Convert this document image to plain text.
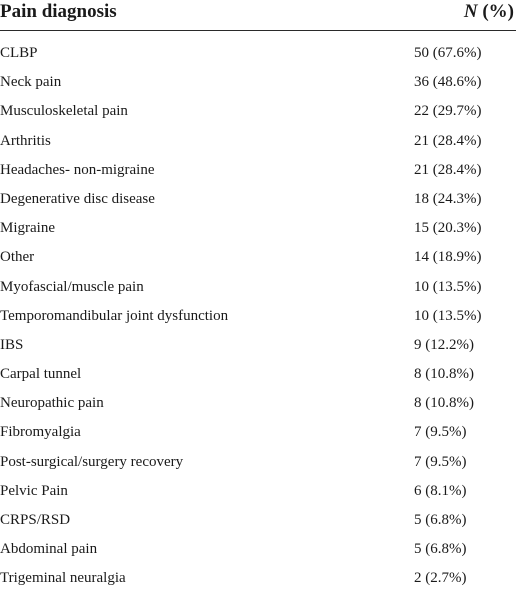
Pain diagnosis	N (%)
CLBP	50 (67.6%)
Neck pain	36 (48.6%)
Musculoskeletal pain	22 (29.7%)
Arthritis	21 (28.4%)
Headaches- non-migraine	21 (28.4%)
Degenerative disc disease	18 (24.3%)
Migraine	15 (20.3%)
Other	14 (18.9%)
Myofascial/muscle pain	10 (13.5%)
Temporomandibular joint dysfunction	10 (13.5%)
IBS	9 (12.2%)
Carpal tunnel	8 (10.8%)
Neuropathic pain	8 (10.8%)
Fibromyalgia	7 (9.5%)
Post-surgical/surgery recovery	7 (9.5%)
Pelvic Pain	6 (8.1%)
CRPS/RSD	5 (6.8%)
Abdominal pain	5 (6.8%)
Trigeminal neuralgia	2 (2.7%)
